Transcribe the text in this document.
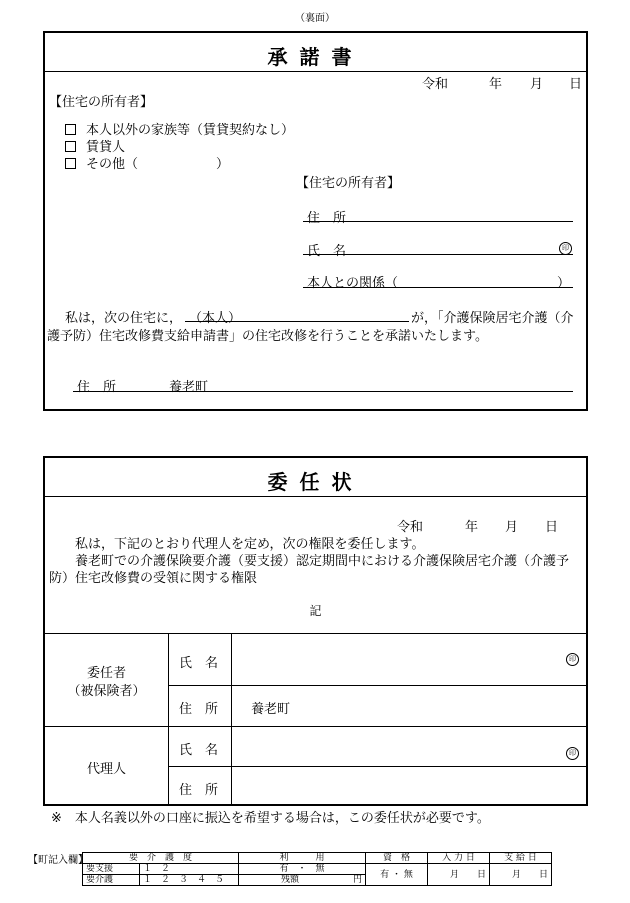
（裏面）
承諾書
令和	年 月 日
【住宅の所有者】
本人以外の家族等（賃貸契約なし）
賃貸人
その他（　　　　　　）
【住宅の所有者】
住　所
氏　名	印
本人との関係（	）
私は，次の住宅に， （本人）	が，「介護保険居宅介護（介
護予防）住宅改修費支給申請書」の住宅改修を行うことを承諾いたします。
住　所	養老町
委任状
令和	年 月 日
私は，下記のとおり代理人を定め，次の権限を委任します。
養老町での介護保険要介護（要支援）認定期間中における介護保険居宅介護（介護予
防）住宅改修費の受領に関する権限
記
委任者
（被保険者）
氏　名	印
住　所	養老町
代理人
氏　名	印
住　所
※　本人名義以外の口座に振込を希望する場合は，この委任状が必要です。
【町記入欄】	要　介　護　度		利　　　用	資　格	入 力 日	支 給 日
要支援	１　２	有　・　無	有 ・ 無	月　　日	月　　日
要介護	１　２　３　４　５	残額　　　　　　円			
